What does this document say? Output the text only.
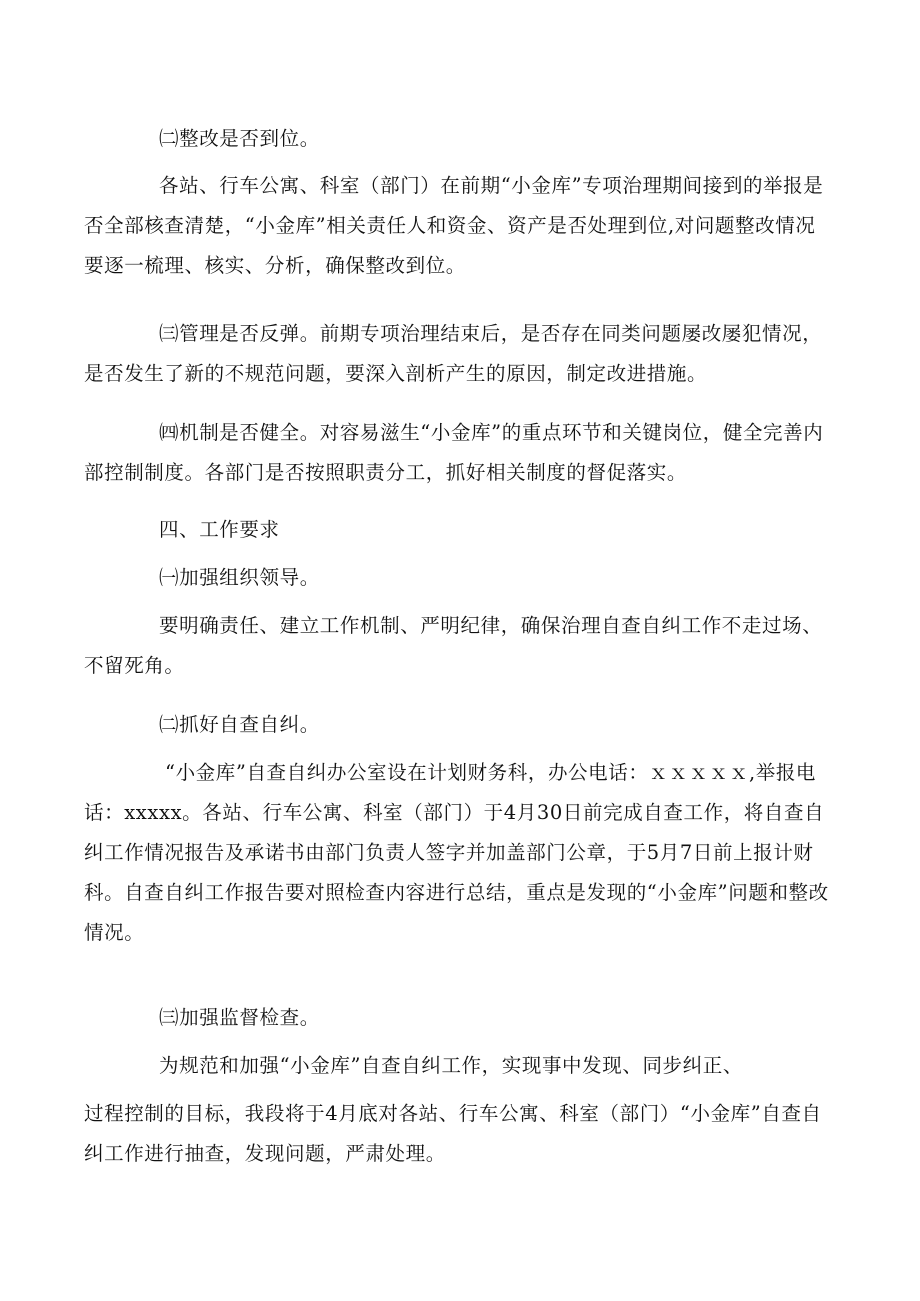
㈡整改是否到位。

各站、行车公寓、科室（部门）在前期“小金库”专项治理期间接到的举报是否全部核查清楚，“小金库”相关责任人和资金、资产是否处理到位,对问题整改情况要逐一梳理、核实、分析，确保整改到位。

㈢管理是否反弹。前期专项治理结束后，是否存在同类问题屡改屡犯情况，是否发生了新的不规范问题，要深入剖析产生的原因，制定改进措施。

㈣机制是否健全。对容易滋生“小金库”的重点环节和关键岗位，健全完善内部控制制度。各部门是否按照职责分工，抓好相关制度的督促落实。

四、工作要求

㈠加强组织领导。

要明确责任、建立工作机制、严明纪律，确保治理自查自纠工作不走过场、不留死角。

㈡抓好自查自纠。

“小金库”自查自纠办公室设在计划财务科，办公电话：ｘｘｘｘｘ,举报电话：xxxxx。各站、行车公寓、科室（部门）于4月30日前完成自查工作，将自查自纠工作情况报告及承诺书由部门负责人签字并加盖部门公章，于5月7日前上报计财科。自查自纠工作报告要对照检查内容进行总结，重点是发现的“小金库”问题和整改情况。

㈢加强监督检查。

为规范和加强“小金库”自查自纠工作，实现事中发现、同步纠正、

过程控制的目标，我段将于4月底对各站、行车公寓、科室（部门）“小金库”自查自纠工作进行抽查，发现问题，严肃处理。
